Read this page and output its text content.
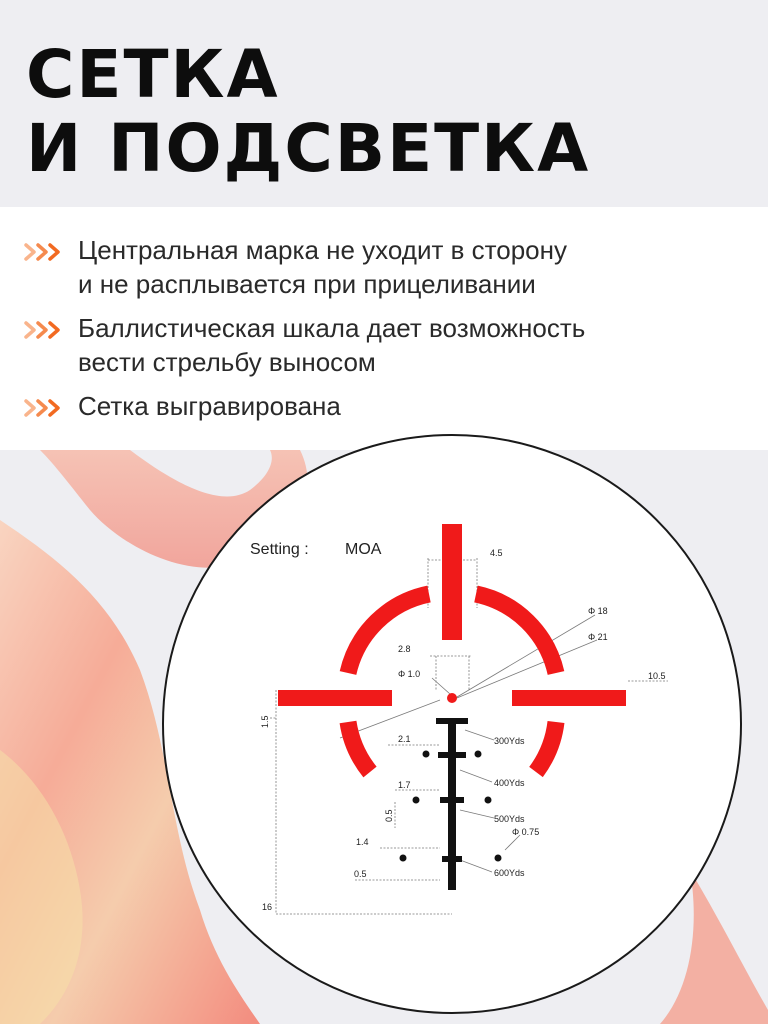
СЕТКА
И ПОДСВЕТКА
Центральная марка не уходит в сторону
и не расплывается при прицеливании
Баллистическая шкала дает возможность
вести стрельбу выносом
Сетка выгравирована
Setting : MOA	4.5
Φ 18
Φ 21
2.8
Φ 1.0	10.5
1.5
2.1
1.7
0.5
1.4
0.5
16
Φ 0.75
300Yds
400Yds
500Yds
600Yds
